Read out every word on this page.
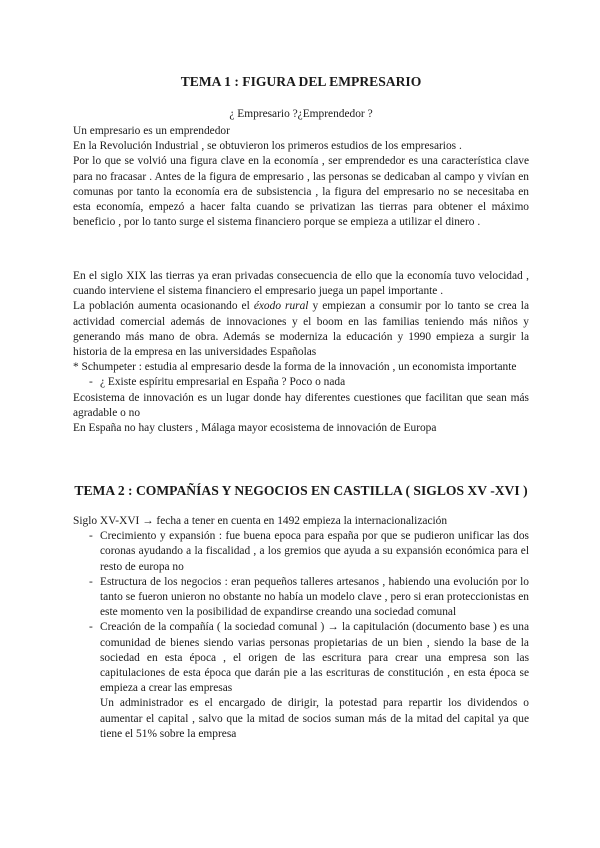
TEMA 1 : FIGURA DEL EMPRESARIO

¿ Empresario ?¿Emprendedor ?

Un empresario es un emprendedor

En la Revolución Industrial , se obtuvieron los primeros estudios de los empresarios .

Por lo que se volvió una figura clave en la economía , ser emprendedor es una característica clave para no fracasar . Antes de la figura de empresario , las personas se dedicaban al campo y vivían en comunas por tanto la economía era de subsistencia , la figura del empresario no se necesitaba en esta economía, empezó a hacer falta cuando se privatizan las tierras para obtener el máximo beneficio , por lo tanto surge el sistema financiero porque se empieza a utilizar el dinero .

En el siglo XIX las tierras ya eran privadas consecuencia de ello que la economía tuvo velocidad , cuando interviene el sistema financiero el empresario juega un papel importante .

La población aumenta ocasionando el éxodo rural y empiezan a consumir por lo tanto se crea la actividad comercial además de innovaciones y el boom en las familias teniendo más niños y generando más mano de obra. Además se moderniza la educación y 1990 empieza a surgir la historia de la empresa en las universidades Españolas

* Schumpeter : estudia al empresario desde la forma de la innovación , un economista importante

- ¿ Existe espíritu empresarial en España ? Poco o nada

Ecosistema de innovación es un lugar donde hay diferentes cuestiones que facilitan que sean más agradable o no

En España no hay clusters , Málaga mayor ecosistema de innovación de Europa

TEMA 2 : COMPAÑÍAS Y NEGOCIOS EN CASTILLA ( SIGLOS XV -XVI )

Siglo XV-XVI → fecha a tener en cuenta en 1492 empieza la internacionalización

- Crecimiento y expansión : fue buena epoca para españa por que se pudieron unificar las dos coronas ayudando a la fiscalidad , a los gremios que ayuda a su expansión económica para el resto de europa no
- Estructura de los negocios : eran pequeños talleres artesanos , habiendo una evolución por lo tanto se fueron unieron no obstante no había un modelo clave , pero si eran proteccionistas en este momento ven la posibilidad de expandirse creando una sociedad comunal
- Creación de la compañía ( la sociedad comunal ) → la capitulación (documento base ) es una comunidad de bienes siendo varias personas propietarias de un bien , siendo la base de la sociedad en esta época , el origen de las escritura para crear una empresa son las capitulaciones de esta época que darán pie a las escrituras de constitución , en esta época se empieza a crear las empresas

Un administrador es el encargado de dirigir, la potestad para repartir los dividendos o aumentar el capital , salvo que la mitad de socios suman más de la mitad del capital ya que tiene el 51% sobre la empresa
